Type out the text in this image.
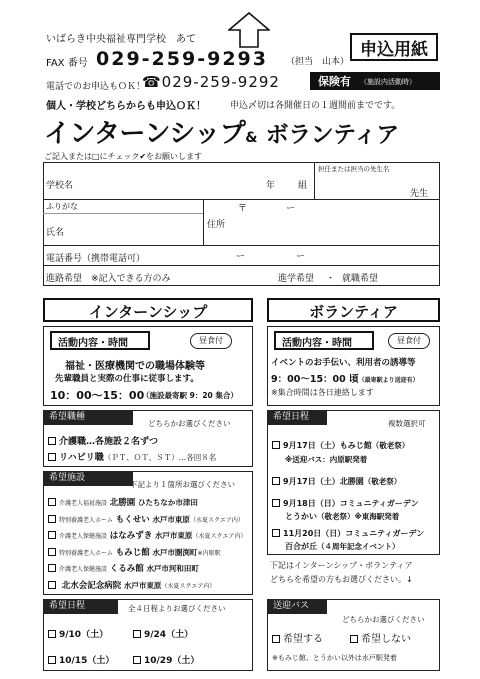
いばらき中央福祉専門学校　あて
申込用紙
FAX 番号 029-259-9293 （担当　山本）
電話でのお申込もＯＫ！
☎029-259-9292	保険有 （施設内活動時）
個人・学校どちらからも申込ＯＫ！	申込〆切は各開催日の１週間前までです。
インターンシップ& ボランティア
ご記入または□にチェック✔をお願いします
学校名	年	組
担任または担当の先生名
先生
ふりがな
氏名
〒	ー
住所
電話番号（携帯電話可）	ー	ー
進路希望　※記入できる方のみ	進学希望 ・ 就職希望
インターンシップ
活動内容・時間	昼食付
福祉・医療機関での職場体験等
先輩職員と実際の仕事に従事します。
10：00～15：00
（施設最寄駅 9：20 集合）
希望職種
どちらかお選びください
介護職…各施設２名ずつ
リハビリ職（ＰＴ、ＯＴ、ＳＴ）…各回８名
希望施設
下記より１箇所お選びください
介護老人福祉施設 北勝園 ひたちなか市津田
特別養護老人ホーム もくせい 水戸市東原（水夏スクエア内）
介護老人保健施設 はなみずき 水戸市東原（水夏スクエア内）
特別養護老人ホーム もみじ館 水戸市圏渕町※内原駅
介護老人保健施設 くるみ館 水戸市河和田町
北水会記念病院 水戸市東原（水夏スクエア内）
希望日程	全４日程よりお選びください
9/10（土）	9/24（土）
10/15（土）	10/29（土）
ボランティア
活動内容・時間	昼食付
イベントのお手伝い、利用者の誘導等
9：00～15：00 頃（最寄駅より送迎有）
※集合時間は各日連絡します
希望日程
複数選択可
9月17日（土）もみじ館（敬老祭）
9月17日（土）北勝園（敬老祭）
9月18日（日）コミュニティガーデン
とうかい（敬老祭）※東海駅発着
11月20日（日）コミュニティガーデン
百合が丘（４周年記念イベント）
※送迎バス：内原駅発着
下記はインターンシップ・ボランティア
どちらを希望の方もお選びください。↓
送迎バス
どちらかお選びください
希望する	希望しない
※もみじ館、とうかい以外は水戸駅発着
